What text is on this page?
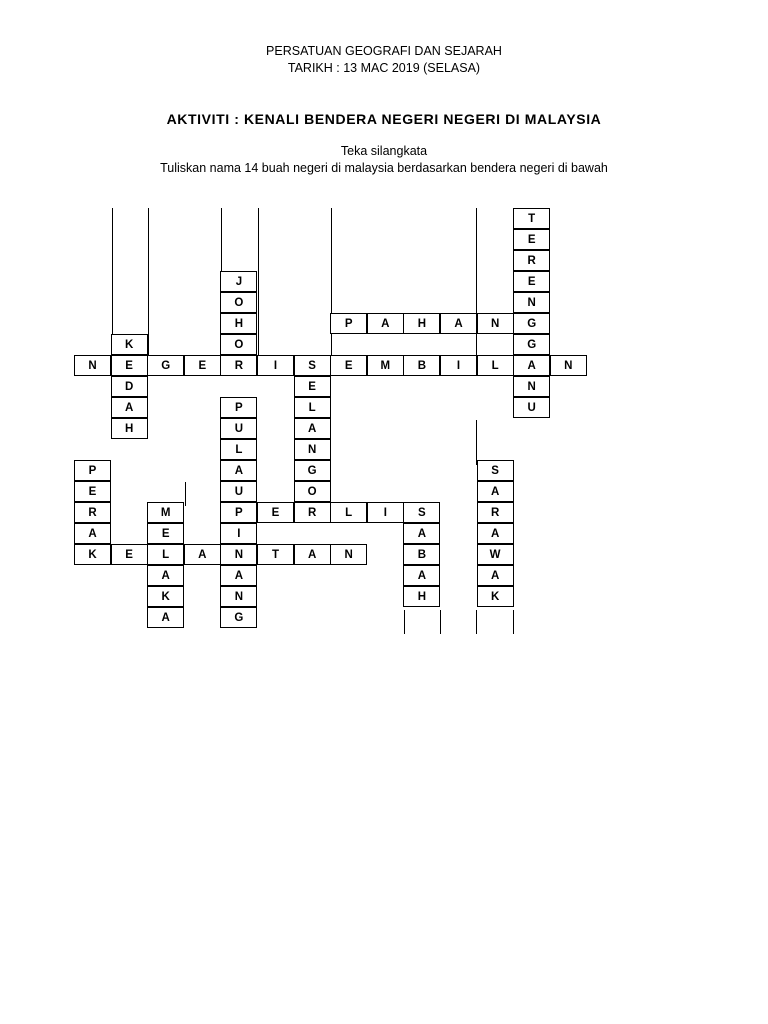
PERSATUAN GEOGRAFI DAN SEJARAH
TARIKH : 13 MAC 2019 (SELASA)
AKTIVITI : KENALI BENDERA NEGERI NEGERI DI MALAYSIA
Teka silangkata
Tuliskan nama 14 buah negeri di malaysia berdasarkan bendera negeri di bawah
T
E
R
E
N
G
G
A
N
U
J
O
H
O
R
P	A	H	A	N
K
E
D
A
H
N	G	E	I	S	E	M	B	I	L	N
E
L
A
N
G
O
R
P
U
L
A
U
P
I
N
A
N
G
P
E
R
A
K
S
A
R
A
W
A
K
M
E
L
A
K
A
E	L	I	S
A
B
A
H
E	A	T	A	N
